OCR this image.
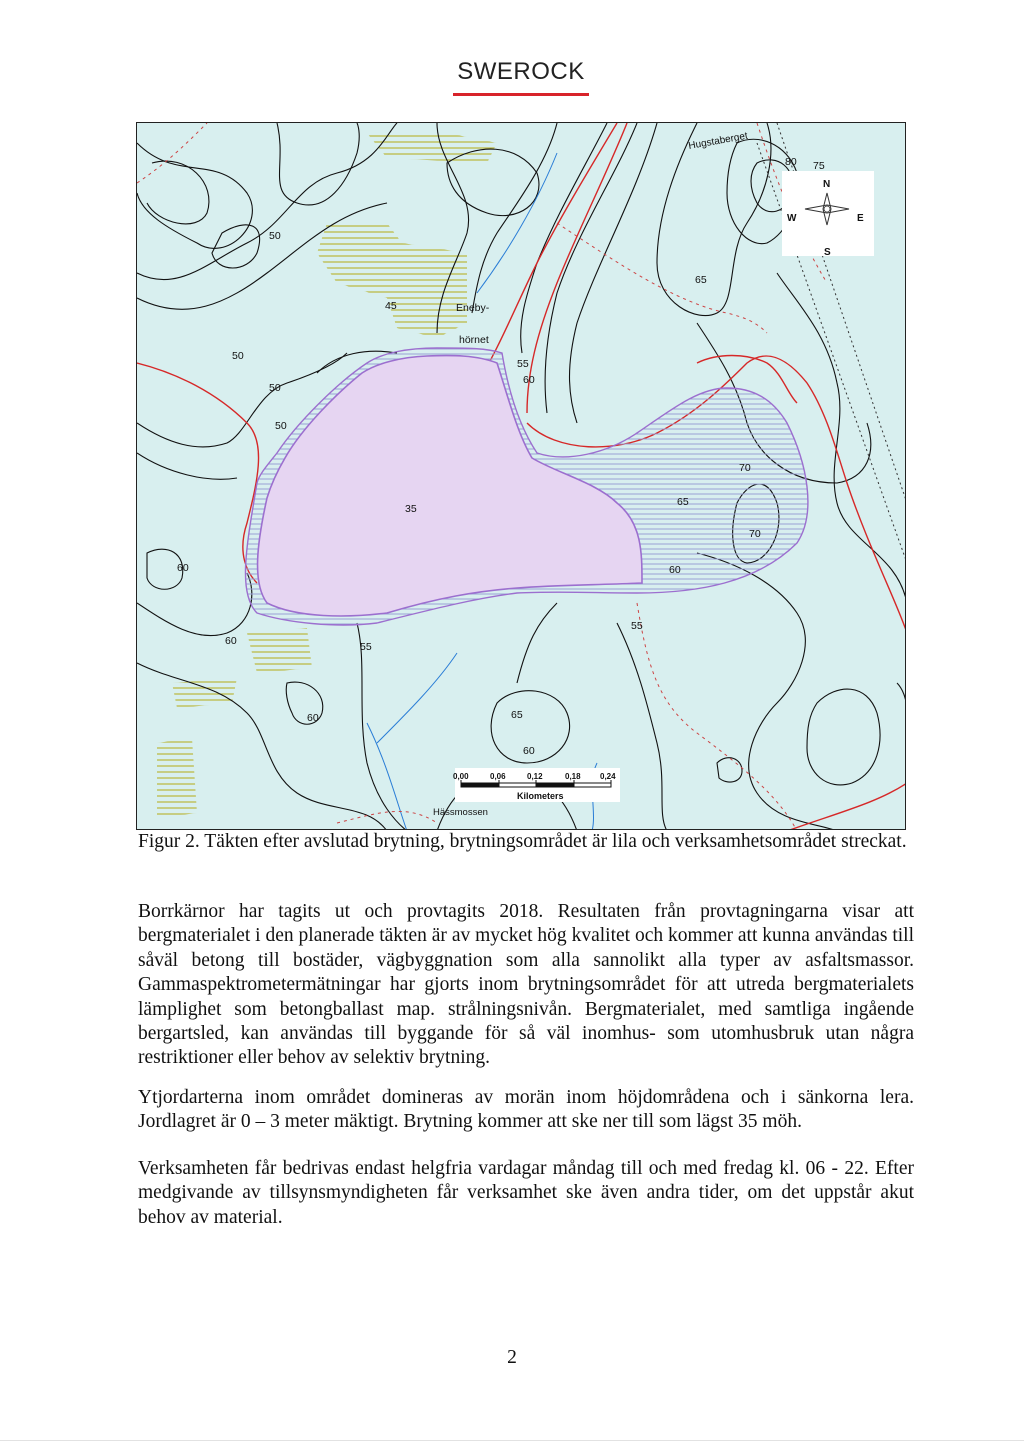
SWEROCK
Eneby-
hörnet
Hugstaberget
Hässmossen
N
S
E
W
50
45
50
50
50
55
60
65
35
70
65
70
60
60
55
60	55
60	65
60
80 75
0,00	0,06	0,12	0,18 0,24
Kilometers
Figur 2. Täkten efter avslutad brytning, brytningsområdet är lila och verksamhetsområdet streckat.
Borrkärnor har tagits ut och provtagits 2018. Resultaten från provtagningarna visar att bergmaterialet i den planerade täkten är av mycket hög kvalitet och kommer att kunna användas till såväl betong till bostäder, vägbyggnation som alla sannolikt alla typer av asfaltsmassor. Gammaspektrometermätningar har gjorts inom brytningsområdet för att utreda bergmaterialets lämplighet som betongballast map. strålningsnivån. Bergmaterialet, med samtliga ingående bergartsled, kan användas till byggande för så väl inomhus- som utomhusbruk utan några restriktioner eller behov av selektiv brytning.
Ytjordarterna inom området domineras av morän inom höjdområdena och i sänkorna lera. Jordlagret är 0 – 3 meter mäktigt. Brytning kommer att ske ner till som lägst 35 möh.
Verksamheten får bedrivas endast helgfria vardagar måndag till och med fredag kl. 06 - 22. Efter medgivande av tillsynsmyndigheten får verksamhet ske även andra tider, om det uppstår akut behov av material.
2
